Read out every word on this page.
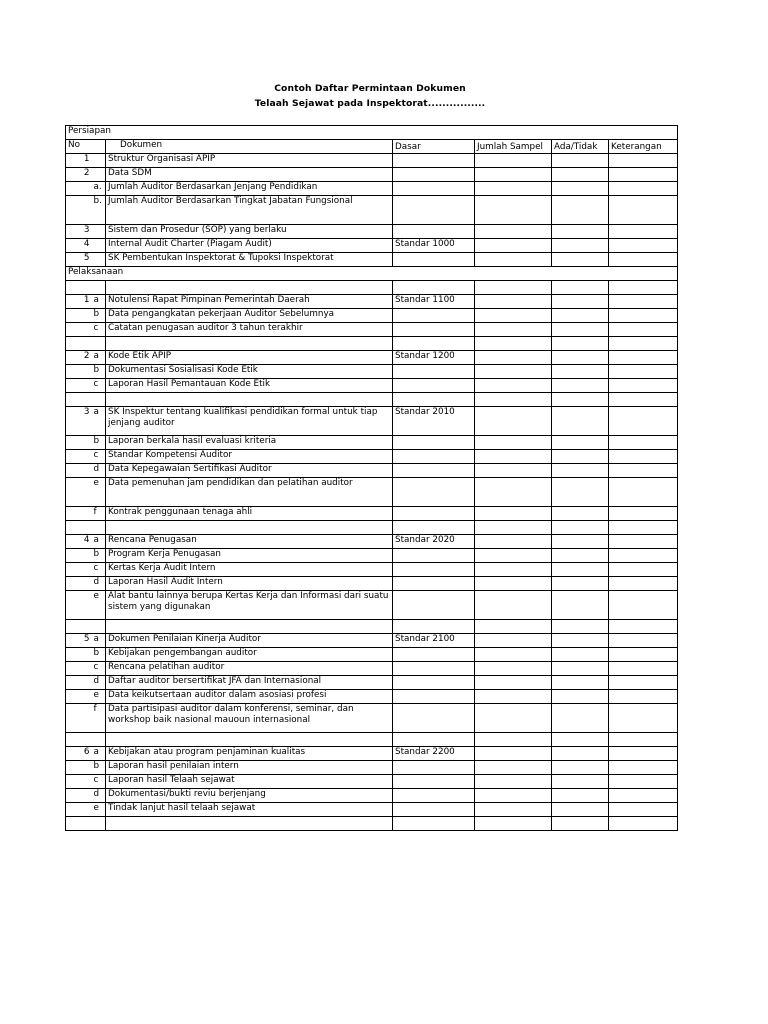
Contoh Daftar Permintaan Dokumen
Telaah Sejawat pada Inspektorat................
Persiapan						
No		Dokumen	Dasar	Jumlah Sampel	Ada/Tidak	Keterangan
1		Struktur Organisasi APIP				
2		Data SDM				
	a.	Jumlah Auditor Berdasarkan Jenjang Pendidikan				
	b.	Jumlah Auditor Berdasarkan Tingkat Jabatan Fungsional				
3		Sistem dan Prosedur (SOP) yang berlaku				
4		Internal Audit Charter (Piagam Audit)	Standar 1000			
5		SK Pembentukan Inspektorat & Tupoksi Inspektorat				
Pelaksanaan						

1	a	Notulensi Rapat Pimpinan Pemerintah Daerah	Standar 1100			
	b	Data pengangkatan pekerjaan Auditor Sebelumnya				
	c	Catatan penugasan auditor 3 tahun terakhir				

2	a	Kode Etik APIP	Standar 1200			
	b	Dokumentasi Sosialisasi Kode Etik				
	c	Laporan Hasil Pemantauan Kode Etik				

3	a	SK Inspektur tentang kualifikasi pendidikan formal untuk tiap jenjang auditor	Standar 2010			
	b	Laporan berkala hasil evaluasi kriteria				
	c	Standar Kompetensi Auditor				
	d	Data Kepegawaian Sertifikasi Auditor				
	e	Data pemenuhan jam pendidikan dan pelatihan auditor				
	f	Kontrak penggunaan tenaga ahli				

4	a	Rencana Penugasan	Standar 2020			
	b	Program Kerja Penugasan				
	c	Kertas Kerja Audit Intern				
	d	Laporan Hasil Audit Intern				
	e	Alat bantu lainnya berupa Kertas Kerja dan Informasi dari suatu sistem yang digunakan				

5	a	Dokumen Penilaian Kinerja Auditor	Standar 2100			
	b	Kebijakan pengembangan auditor				
	c	Rencana pelatihan auditor				
	d	Daftar auditor bersertifikat JFA dan Internasional				
	e	Data keikutsertaan auditor dalam asosiasi profesi				
	f	Data partisipasi auditor dalam konferensi, seminar, dan workshop baik nasional mauoun internasional				

6	a	Kebijakan atau program penjaminan kualitas	Standar 2200			
	b	Laporan hasil penilaian intern				
	c	Laporan hasil Telaah sejawat				
	d	Dokumentasi/bukti reviu berjenjang				
	e	Tindak lanjut hasil telaah sejawat				
